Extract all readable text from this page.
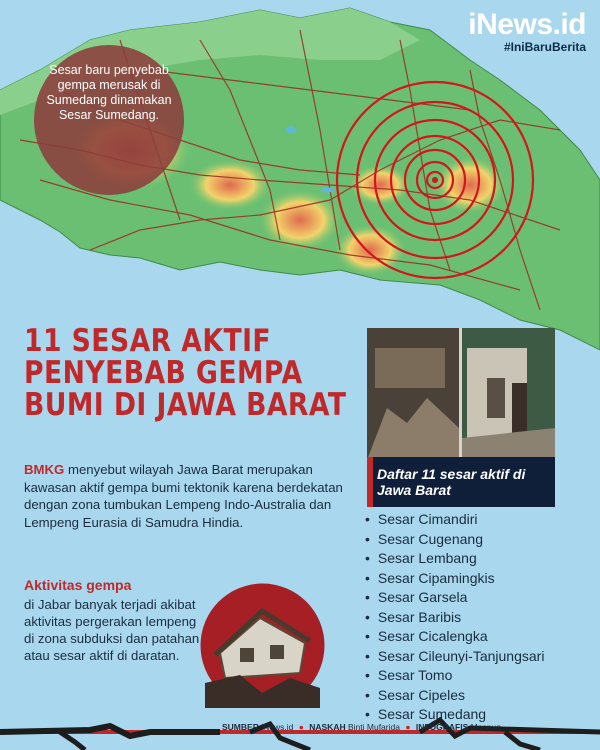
iNews.id
#IniBaruBerita
Sesar baru penyebab gempa merusak di Sumedang dinamakan Sesar Sumedang.
11 SESAR AKTIF PENYEBAB GEMPA BUMI DI JAWA BARAT
Daftar 11 sesar aktif di Jawa Barat
• Sesar Cimandiri
• Sesar Cugenang
• Sesar Lembang
• Sesar Cipamingkis
• Sesar Garsela
• Sesar Baribis
• Sesar Cicalengka
• Sesar Cileunyi-Tanjungsari
• Sesar Tomo
• Sesar Cipeles
• Sesar Sumedang

BMKG menyebut wilayah Jawa Barat merupakan kawasan aktif gempa bumi tektonik karena berdekatan dengan zona tumbukan Lempeng Indo-Australia dan Lempeng Eurasia di Samudra Hindia.

Aktivitas gempa

di Jabar banyak terjadi akibat aktivitas pergerakan lempeng di zona subduksi dan patahan atau sesar aktif di daratan.

SUMBER iNews.id ● NASKAH Binti Mufarida ● INFOGRAFIS Maspuq
